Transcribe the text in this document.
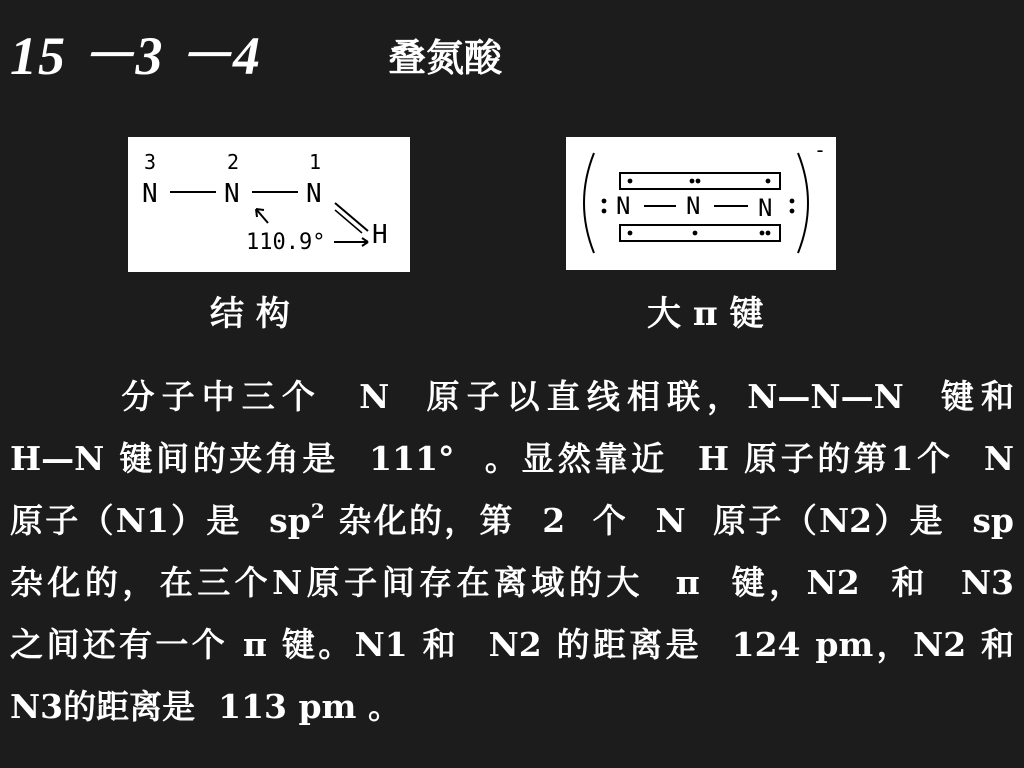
15 －3 －4	叠氮酸
3	2	1
N	N	N
H
110.9°
结 构
-
N N N
大 π 键
分子中三个  N  原子以直线相联，N—N—N  键和
H—N 键间的夹角是  111°  。显然靠近  H 原子的第1个  N
原子（N1）是  $sp^2$ 杂化的，第  2  个  N  原子（N2）是  sp
杂化的，在三个N原子间存在离域的大  π  键，N2  和  N3
之间还有一个 π 键。N1 和  N2 的距离是  124 pm，N2 和
N3的距离是  113 pm 。
